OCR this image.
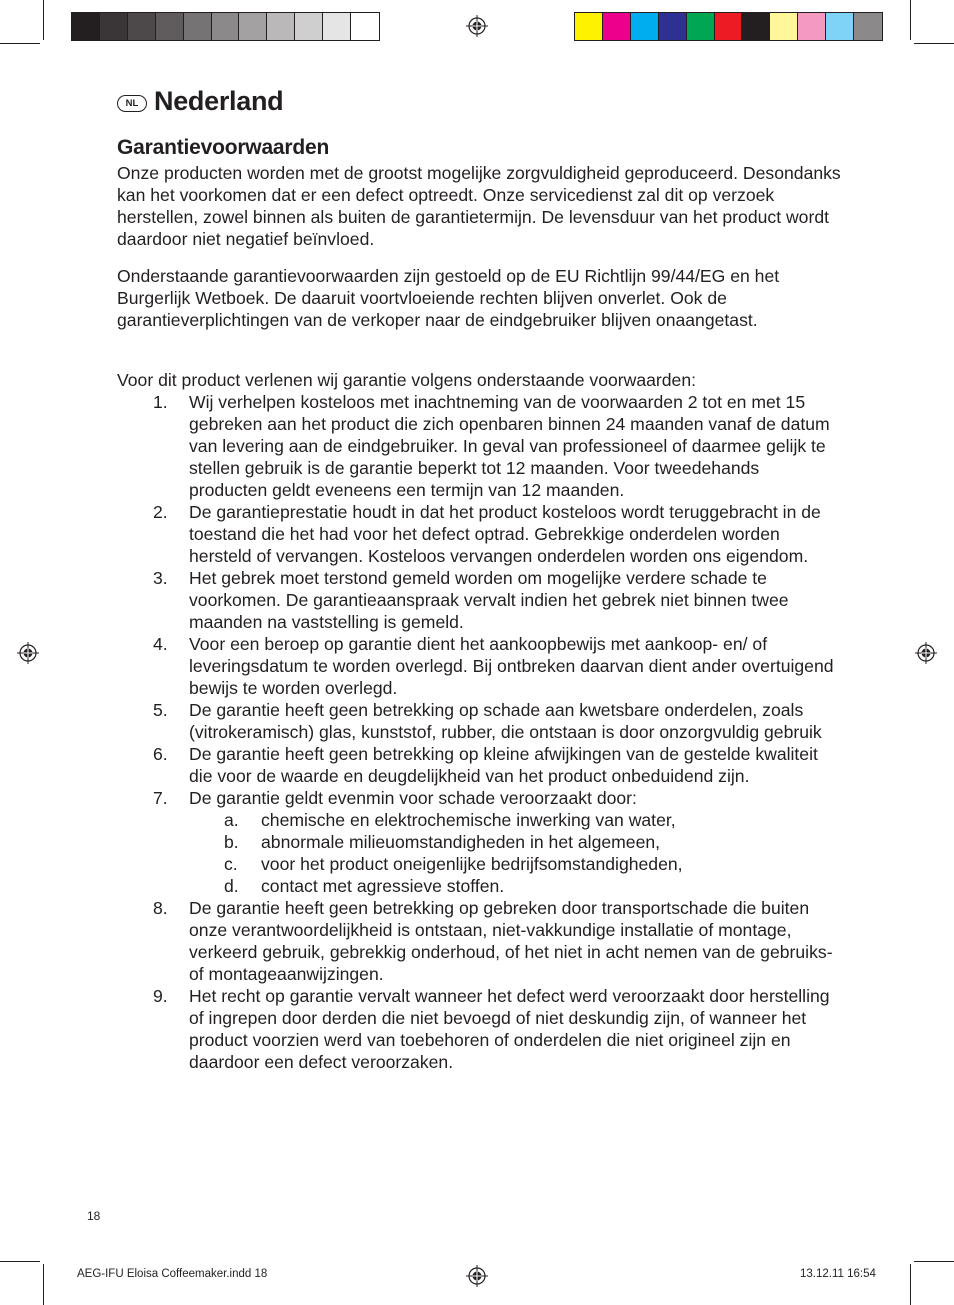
NL Nederland
Garantievoorwaarden

Onze producten worden met de grootst mogelijke zorgvuldigheid geproduceerd. Desondanks kan het voorkomen dat er een defect optreedt. Onze servicedienst zal dit op verzoek herstellen, zowel binnen als buiten de garantietermijn. De levensduur van het product wordt daardoor niet negatief beïnvloed.

Onderstaande garantievoorwaarden zijn gestoeld op de EU Richtlijn 99/44/EG en het Burgerlijk Wetboek. De daaruit voortvloeiende rechten blijven onverlet. Ook de garantieverplichtingen van de verkoper naar de eindgebruiker blijven onaangetast.

Voor dit product verlenen wij garantie volgens onderstaande voorwaarden:

1. Wij verhelpen kosteloos met inachtneming van de voorwaarden 2 tot en met 15 gebreken aan het product die zich openbaren binnen 24 maanden vanaf de datum van levering aan de eindgebruiker. In geval van professioneel of daarmee gelijk te stellen gebruik is de garantie beperkt tot 12 maanden. Voor tweedehands producten geldt eveneens een termijn van 12 maanden.
2. De garantieprestatie houdt in dat het product kosteloos wordt teruggebracht in de toestand die het had voor het defect optrad. Gebrekkige onderdelen worden hersteld of vervangen. Kosteloos vervangen onderdelen worden ons eigendom.
3. Het gebrek moet terstond gemeld worden om mogelijke verdere schade te voorkomen. De garantieaanspraak vervalt indien het gebrek niet binnen twee maanden na vaststelling is gemeld.
4. Voor een beroep op garantie dient het aankoopbewijs met aankoop- en/ of leveringsdatum te worden overlegd. Bij ontbreken daarvan dient ander overtuigend bewijs te worden overlegd.
5. De garantie heeft geen betrekking op schade aan kwetsbare onderdelen, zoals (vitrokeramisch) glas, kunststof, rubber, die ontstaan is door onzorgvuldig gebruik
6. De garantie heeft geen betrekking op kleine afwijkingen van de gestelde kwaliteit die voor de waarde en deugdelijkheid van het product onbeduidend zijn.
7. De garantie geldt evenmin voor schade veroorzaakt door:
a. chemische en elektrochemische inwerking van water,
b. abnormale milieuomstandigheden in het algemeen,
c. voor het product oneigenlijke bedrijfsomstandigheden,
d. contact met agressieve stoffen.
8. De garantie heeft geen betrekking op gebreken door transportschade die buiten onze verantwoordelijkheid is ontstaan, niet-vakkundige installatie of montage, verkeerd gebruik, gebrekkig onderhoud, of het niet in acht nemen van de gebruiks- of montageaanwijzingen.
9. Het recht op garantie vervalt wanneer het defect werd veroorzaakt door herstelling of ingrepen door derden die niet bevoegd of niet deskundig zijn, of wanneer het product voorzien werd van toebehoren of onderdelen die niet origineel zijn en daardoor een defect veroorzaken.
18
AEG-IFU Eloisa Coffeemaker.indd 18	13.12.11 16:54
